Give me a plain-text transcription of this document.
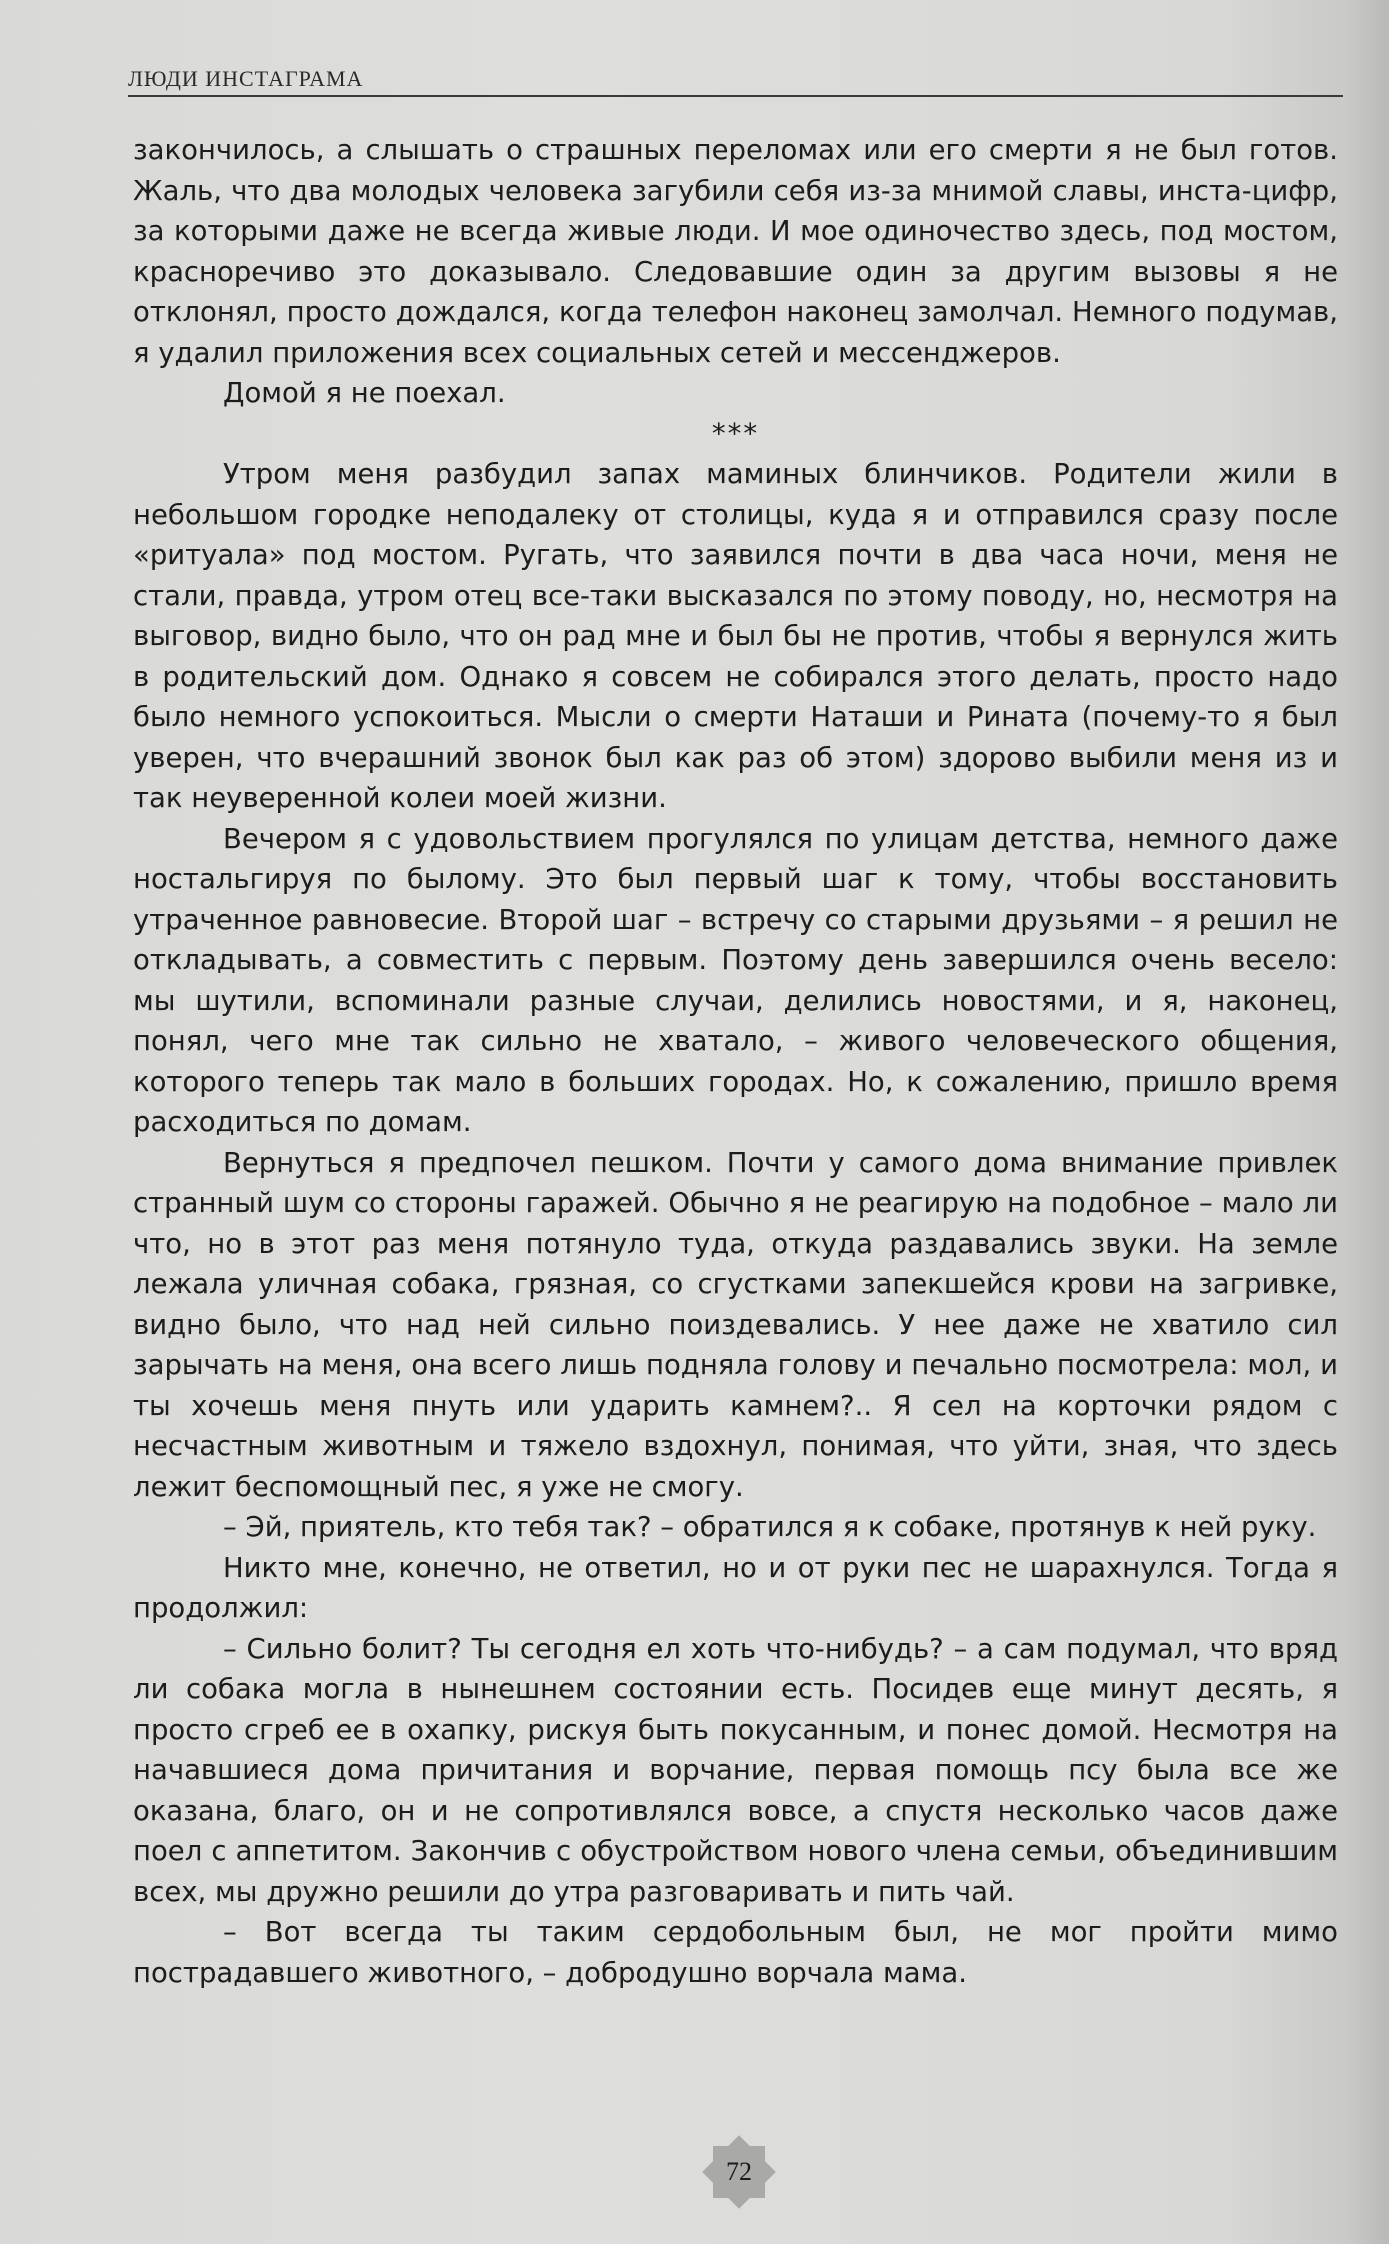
ЛЮДИ ИНСТАГРАМА

закончилось, а слышать о страшных переломах или его смерти я не был готов. Жаль, что два молодых человека загубили себя из-за мнимой славы, инста-цифр, за которыми даже не всегда живые люди. И мое одиночество здесь, под мостом, красноречиво это доказывало. Следовавшие один за другим вызовы я не отклонял, просто дождался, когда телефон наконец замолчал. Немного подумав, я удалил приложения всех социальных сетей и мессенджеров.

Домой я не поехал.

***

Утром меня разбудил запах маминых блинчиков. Родители жили в небольшом городке неподалеку от столицы, куда я и отправился сразу после «ритуала» под мостом. Ругать, что заявился почти в два часа ночи, меня не стали, правда, утром отец все-таки высказался по этому поводу, но, несмотря на выговор, видно было, что он рад мне и был бы не против, чтобы я вернулся жить в родительский дом. Однако я совсем не собирался этого делать, просто надо было немного успокоиться. Мысли о смерти Наташи и Рината (почему-то я был уверен, что вчерашний звонок был как раз об этом) здорово выбили меня из и так неуверенной колеи моей жизни.

Вечером я с удовольствием прогулялся по улицам детства, немного даже ностальгируя по былому. Это был первый шаг к тому, чтобы восстановить утраченное равновесие. Второй шаг – встречу со старыми друзьями – я решил не откладывать, а совместить с первым. Поэтому день завершился очень весело: мы шутили, вспоминали разные случаи, делились новостями, и я, наконец, понял, чего мне так сильно не хватало, – живого человеческого общения, которого теперь так мало в больших городах. Но, к сожалению, пришло время расходиться по домам.

Вернуться я предпочел пешком. Почти у самого дома внимание привлек странный шум со стороны гаражей. Обычно я не реагирую на подобное – мало ли что, но в этот раз меня потянуло туда, откуда раздавались звуки. На земле лежала уличная собака, грязная, со сгустками запекшейся крови на загривке, видно было, что над ней сильно поиздевались. У нее даже не хватило сил зарычать на меня, она всего лишь подняла голову и печально посмотрела: мол, и ты хочешь меня пнуть или ударить камнем?.. Я сел на корточки рядом с несчастным животным и тяжело вздохнул, понимая, что уйти, зная, что здесь лежит беспомощный пес, я уже не смогу.

– Эй, приятель, кто тебя так? – обратился я к собаке, протянув к ней руку.

Никто мне, конечно, не ответил, но и от руки пес не шарахнулся. Тогда я продолжил:

– Сильно болит? Ты сегодня ел хоть что-нибудь? – а сам подумал, что вряд ли собака могла в нынешнем состоянии есть. Посидев еще минут десять, я просто сгреб ее в охапку, рискуя быть покусанным, и понес домой. Несмотря на начавшиеся дома причитания и ворчание, первая помощь псу была все же оказана, благо, он и не сопротивлялся вовсе, а спустя несколько часов даже поел с аппетитом. Закончив с обустройством нового члена семьи, объединившим всех, мы дружно решили до утра разговаривать и пить чай.

– Вот всегда ты таким сердобольным был, не мог пройти мимо пострадавшего животного, – добродушно ворчала мама.

72
